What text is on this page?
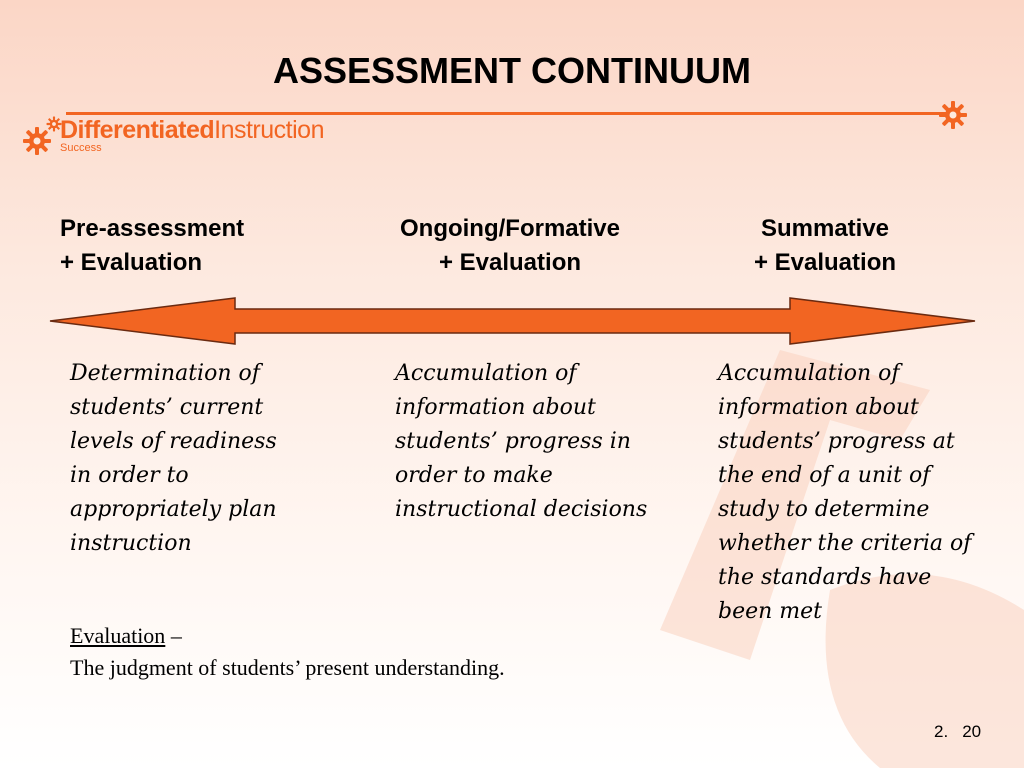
ASSESSMENT CONTINUUM
DifferentiatedInstruction
Success
Pre-assessment
+ Evaluation
Ongoing/Formative
+ Evaluation
Summative
+ Evaluation
Determination of students’ current levels of readiness in order to appropriately plan instruction
Accumulation of information about students’ progress in order to make instructional decisions
Accumulation of information about students’ progress at the end of a unit of study to determine whether the criteria of the standards have been met
Evaluation –
The judgment of students’ present understanding.
2. 20
